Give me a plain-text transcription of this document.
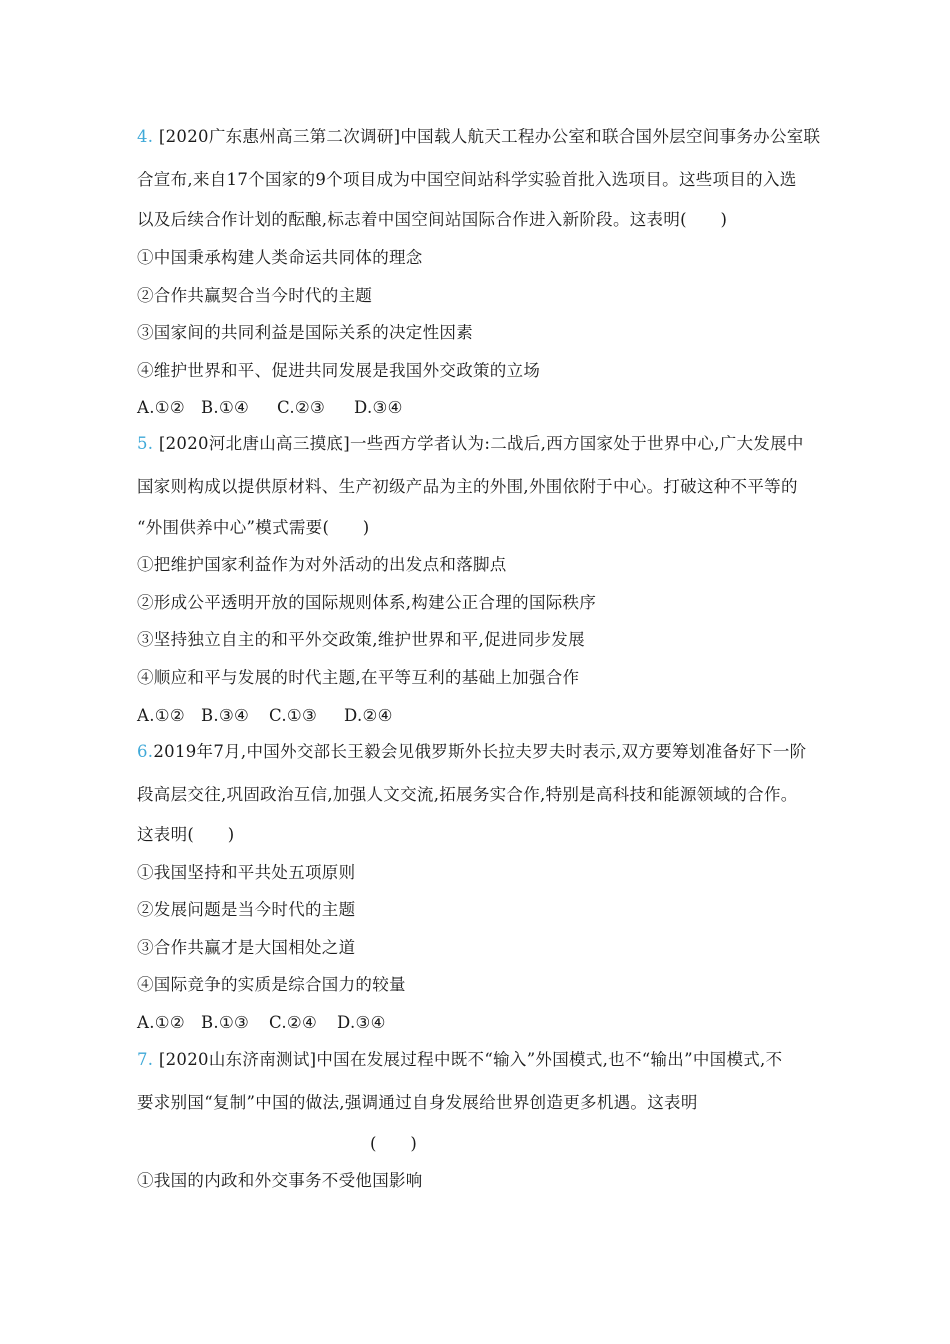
4. [2020广东惠州高三第二次调研]中国载人航天工程办公室和联合国外层空间事务办公室联
合宣布,来自17个国家的9个项目成为中国空间站科学实验首批入选项目。这些项目的入选
以及后续合作计划的酝酿,标志着中国空间站国际合作进入新阶段。这表明(　　)
①中国秉承构建人类命运共同体的理念
②合作共赢契合当今时代的主题
③国家间的共同利益是国际关系的决定性因素
④维护世界和平、促进共同发展是我国外交政策的立场
A.①② B.①④ C.②③ D.③④
5. [2020河北唐山高三摸底]一些西方学者认为:二战后,西方国家处于世界中心,广大发展中
国家则构成以提供原材料、生产初级产品为主的外围,外围依附于中心。打破这种不平等的
“外围供养中心”模式需要(　　)
①把维护国家利益作为对外活动的出发点和落脚点
②形成公平透明开放的国际规则体系,构建公正合理的国际秩序
③坚持独立自主的和平外交政策,维护世界和平,促进同步发展
④顺应和平与发展的时代主题,在平等互利的基础上加强合作
A.①② B.③④ C.①③ D.②④
6.2019年7月,中国外交部长王毅会见俄罗斯外长拉夫罗夫时表示,双方要筹划准备好下一阶
段高层交往,巩固政治互信,加强人文交流,拓展务实合作,特别是高科技和能源领域的合作。
这表明(　　)
①我国坚持和平共处五项原则
②发展问题是当今时代的主题
③合作共赢才是大国相处之道
④国际竞争的实质是综合国力的较量
A.①② B.①③ C.②④ D.③④
7. [2020山东济南测试]中国在发展过程中既不“输入”外国模式,也不“输出”中国模式,不
要求别国“复制”中国的做法,强调通过自身发展给世界创造更多机遇。这表明
(　　)
①我国的内政和外交事务不受他国影响
